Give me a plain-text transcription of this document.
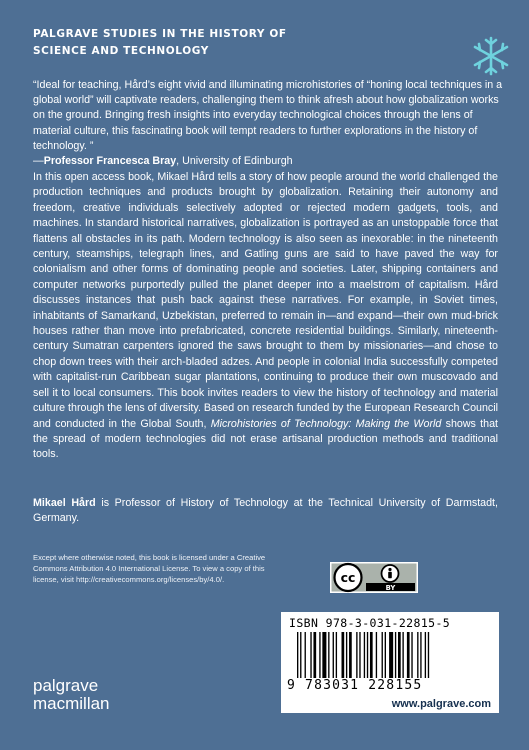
PALGRAVE STUDIES IN THE HISTORY OF
SCIENCE AND TECHNOLOGY

“Ideal for teaching, Hård’s eight vivid and illuminating microhistories of “honing local techniques in a global world” will captivate readers, challenging them to think afresh about how globalization works on the ground. Bringing fresh insights into everyday technological choices through the lens of material culture, this fascinating book will tempt readers to further explorations in the history of technology. ”
—Professor Francesca Bray, University of Edinburgh

In this open access book, Mikael Hård tells a story of how people around the world challenged the production techniques and products brought by globalization. Retaining their autonomy and freedom, creative individuals selectively adopted or rejected modern gadgets, tools, and machines. In standard historical narratives, globalization is portrayed as an unstoppable force that flattens all obstacles in its path. Modern technology is also seen as inexorable: in the nineteenth century, steamships, telegraph lines, and Gatling guns are said to have paved the way for colonialism and other forms of dominating people and societies. Later, shipping containers and computer networks purportedly pulled the planet deeper into a maelstrom of capitalism. Hård discusses instances that push back against these narratives. For example, in Soviet times, inhabitants of Samarkand, Uzbekistan, preferred to remain in—and expand—their own mud-brick houses rather than move into prefabricated, concrete residential buildings. Similarly, nineteenth-century Sumatran carpenters ignored the saws brought to them by missionaries—and chose to chop down trees with their arch-bladed adzes. And people in colonial India successfully competed with capitalist-run Caribbean sugar plantations, continuing to produce their own muscovado and sell it to local consumers. This book invites readers to view the history of technology and material culture through the lens of diversity. Based on research funded by the European Research Council and conducted in the Global South, Microhistories of Technology: Making the World shows that the spread of modern technologies did not erase artisanal production methods and traditional tools.

Mikael Hård is Professor of History of Technology at the Technical University of Darmstadt, Germany.

Except where otherwise noted, this book is licensed under a Creative Commons Attribution 4.0 International License. To view a copy of this license, visit http://creativecommons.org/licenses/by/4.0/.	cc
BY
ISBN 978-3-031-22815-5
9 783031 228155
www.palgrave.com
palgrave
macmillan
